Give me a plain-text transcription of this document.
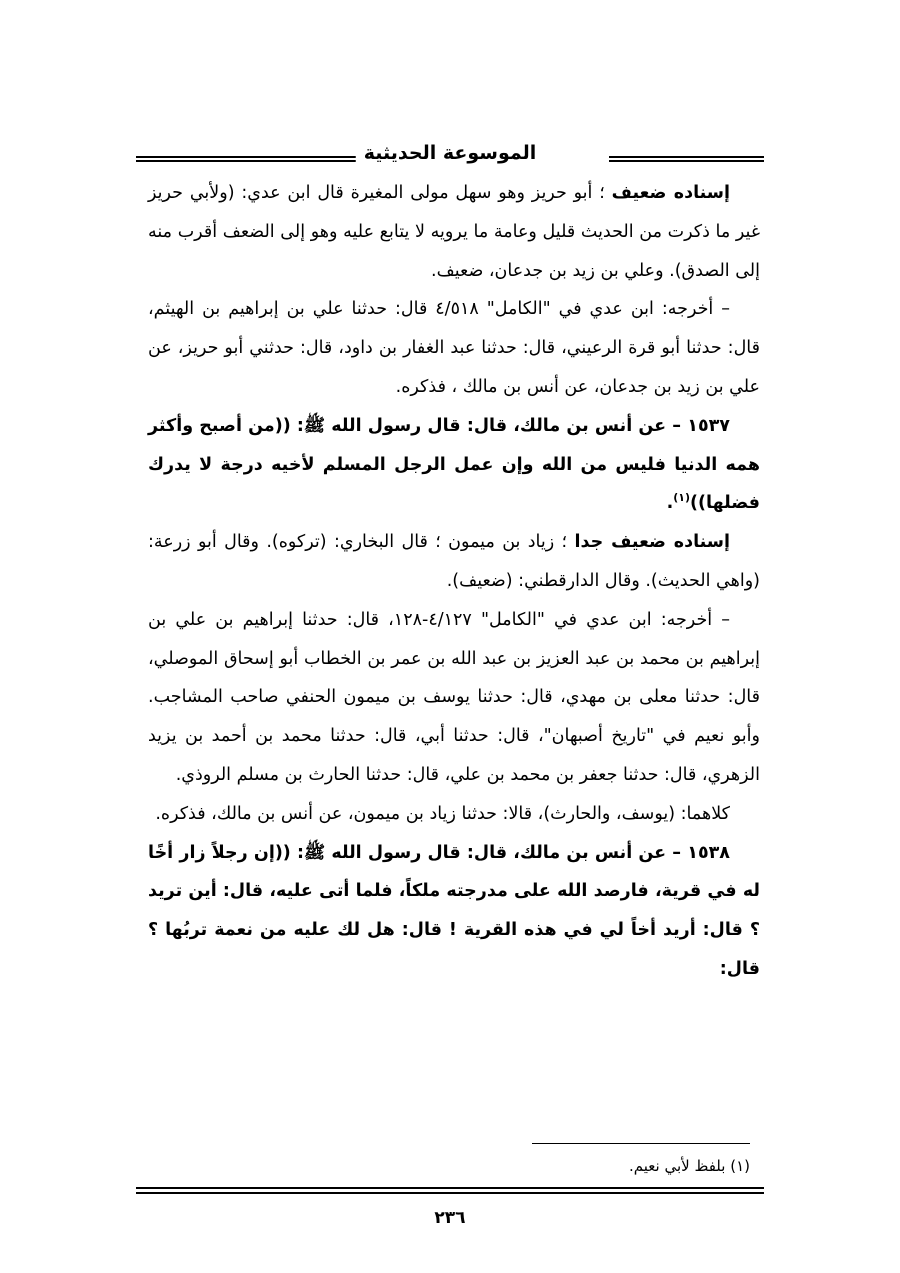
الموسوعة الحديثية

إسناده ضعيف ؛ أبو حريز وهو سهل مولى المغيرة قال ابن عدي: (ولأبي حريز غير ما ذكرت من الحديث قليل وعامة ما يرويه لا يتابع عليه وهو إلى الضعف أقرب منه إلى الصدق). وعلي بن زيد بن جدعان، ضعيف.

– أخرجه: ابن عدي في "الكامل" ٤/٥١٨ قال: حدثنا علي بن إبراهيم بن الهيثم، قال: حدثنا أبو قرة الرعيني، قال: حدثنا عبد الغفار بن داود، قال: حدثني أبو حريز، عن علي بن زيد بن جدعان، عن أنس بن مالك ، فذكره.

١٥٣٧ – عن أنس بن مالك، قال: قال رسول الله ﷺ: ((من أصبح وأكثر همه الدنيا فليس من الله وإن عمل الرجل المسلم لأخيه درجة لا يدرك فضلها))$^{(١)}$.

إسناده ضعيف جدا ؛ زياد بن ميمون ؛ قال البخاري: (تركوه). وقال أبو زرعة: (واهي الحديث). وقال الدارقطني: (ضعيف).

– أخرجه: ابن عدي في "الكامل" ٤/١٢٧-١٢٨، قال: حدثنا إبراهيم بن علي بن إبراهيم بن محمد بن عبد العزيز بن عبد الله بن عمر بن الخطاب أبو إسحاق الموصلي، قال: حدثنا معلى بن مهدي، قال: حدثنا يوسف بن ميمون الحنفي صاحب المشاجب. وأبو نعيم في "تاريخ أصبهان"، قال: حدثنا أبي، قال: حدثنا محمد بن أحمد بن يزيد الزهري، قال: حدثنا جعفر بن محمد بن علي، قال: حدثنا الحارث بن مسلم الروذي.

كلاهما: (يوسف، والحارث)، قالا: حدثنا زياد بن ميمون، عن أنس بن مالك، فذكره.

١٥٣٨ – عن أنس بن مالك، قال: قال رسول الله ﷺ: ((إن رجلاً زار أخًا له في قرية، فارصد الله على مدرجته ملكاً، فلما أتى عليه، قال: أين تريد ؟ قال: أريد أخاً لي في هذه القرية ! قال: هل لك عليه من نعمة تربُها ؟ قال:

(١) بلفظ لأبي نعيم.
٢٣٦
